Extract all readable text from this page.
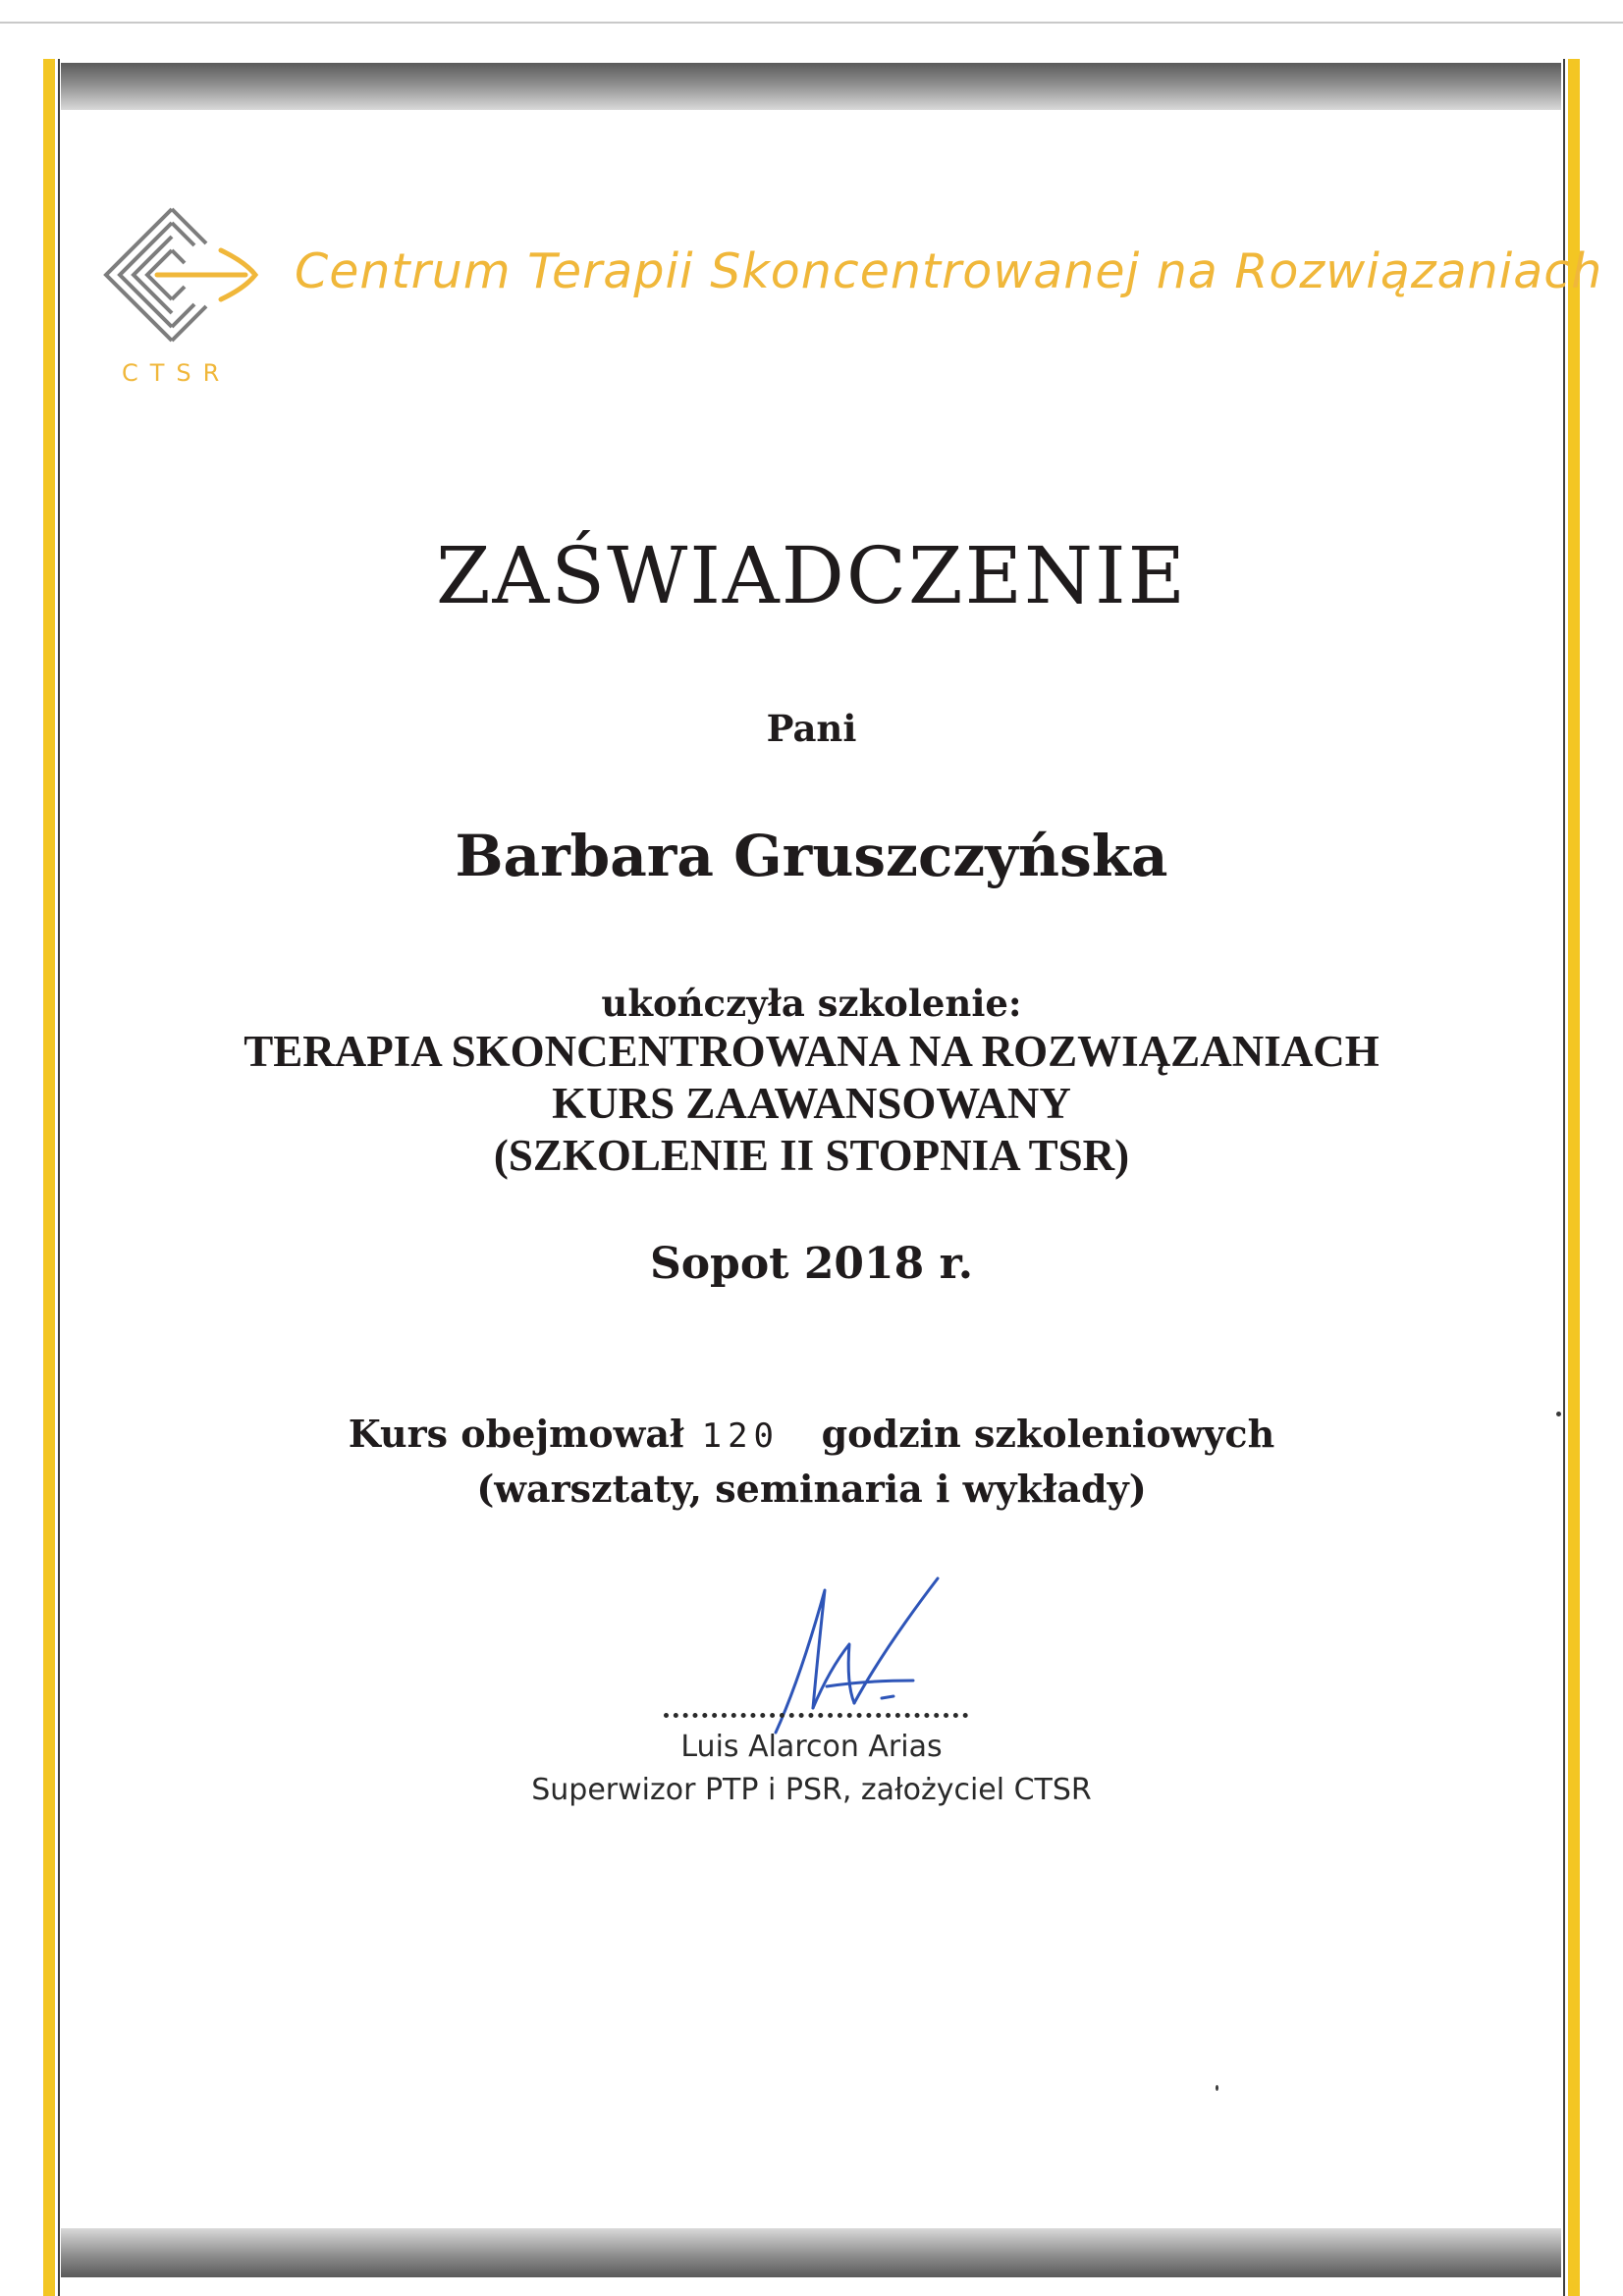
CTSR
Centrum Terapii Skoncentrowanej na Rozwiązaniach
ZAŚWIADCZENIE
Pani
Barbara Gruszczyńska
ukończyła szkolenie:
TERAPIA SKONCENTROWANA NA ROZWIĄZANIACH
KURS ZAAWANSOWANY
(SZKOLENIE II STOPNIA TSR)
Sopot 2018 r.
Kurs obejmował 120 godzin szkoleniowych
(warsztaty, seminaria i wykłady)
Luis Alarcon Arias
Superwizor PTP i PSR, założyciel CTSR
